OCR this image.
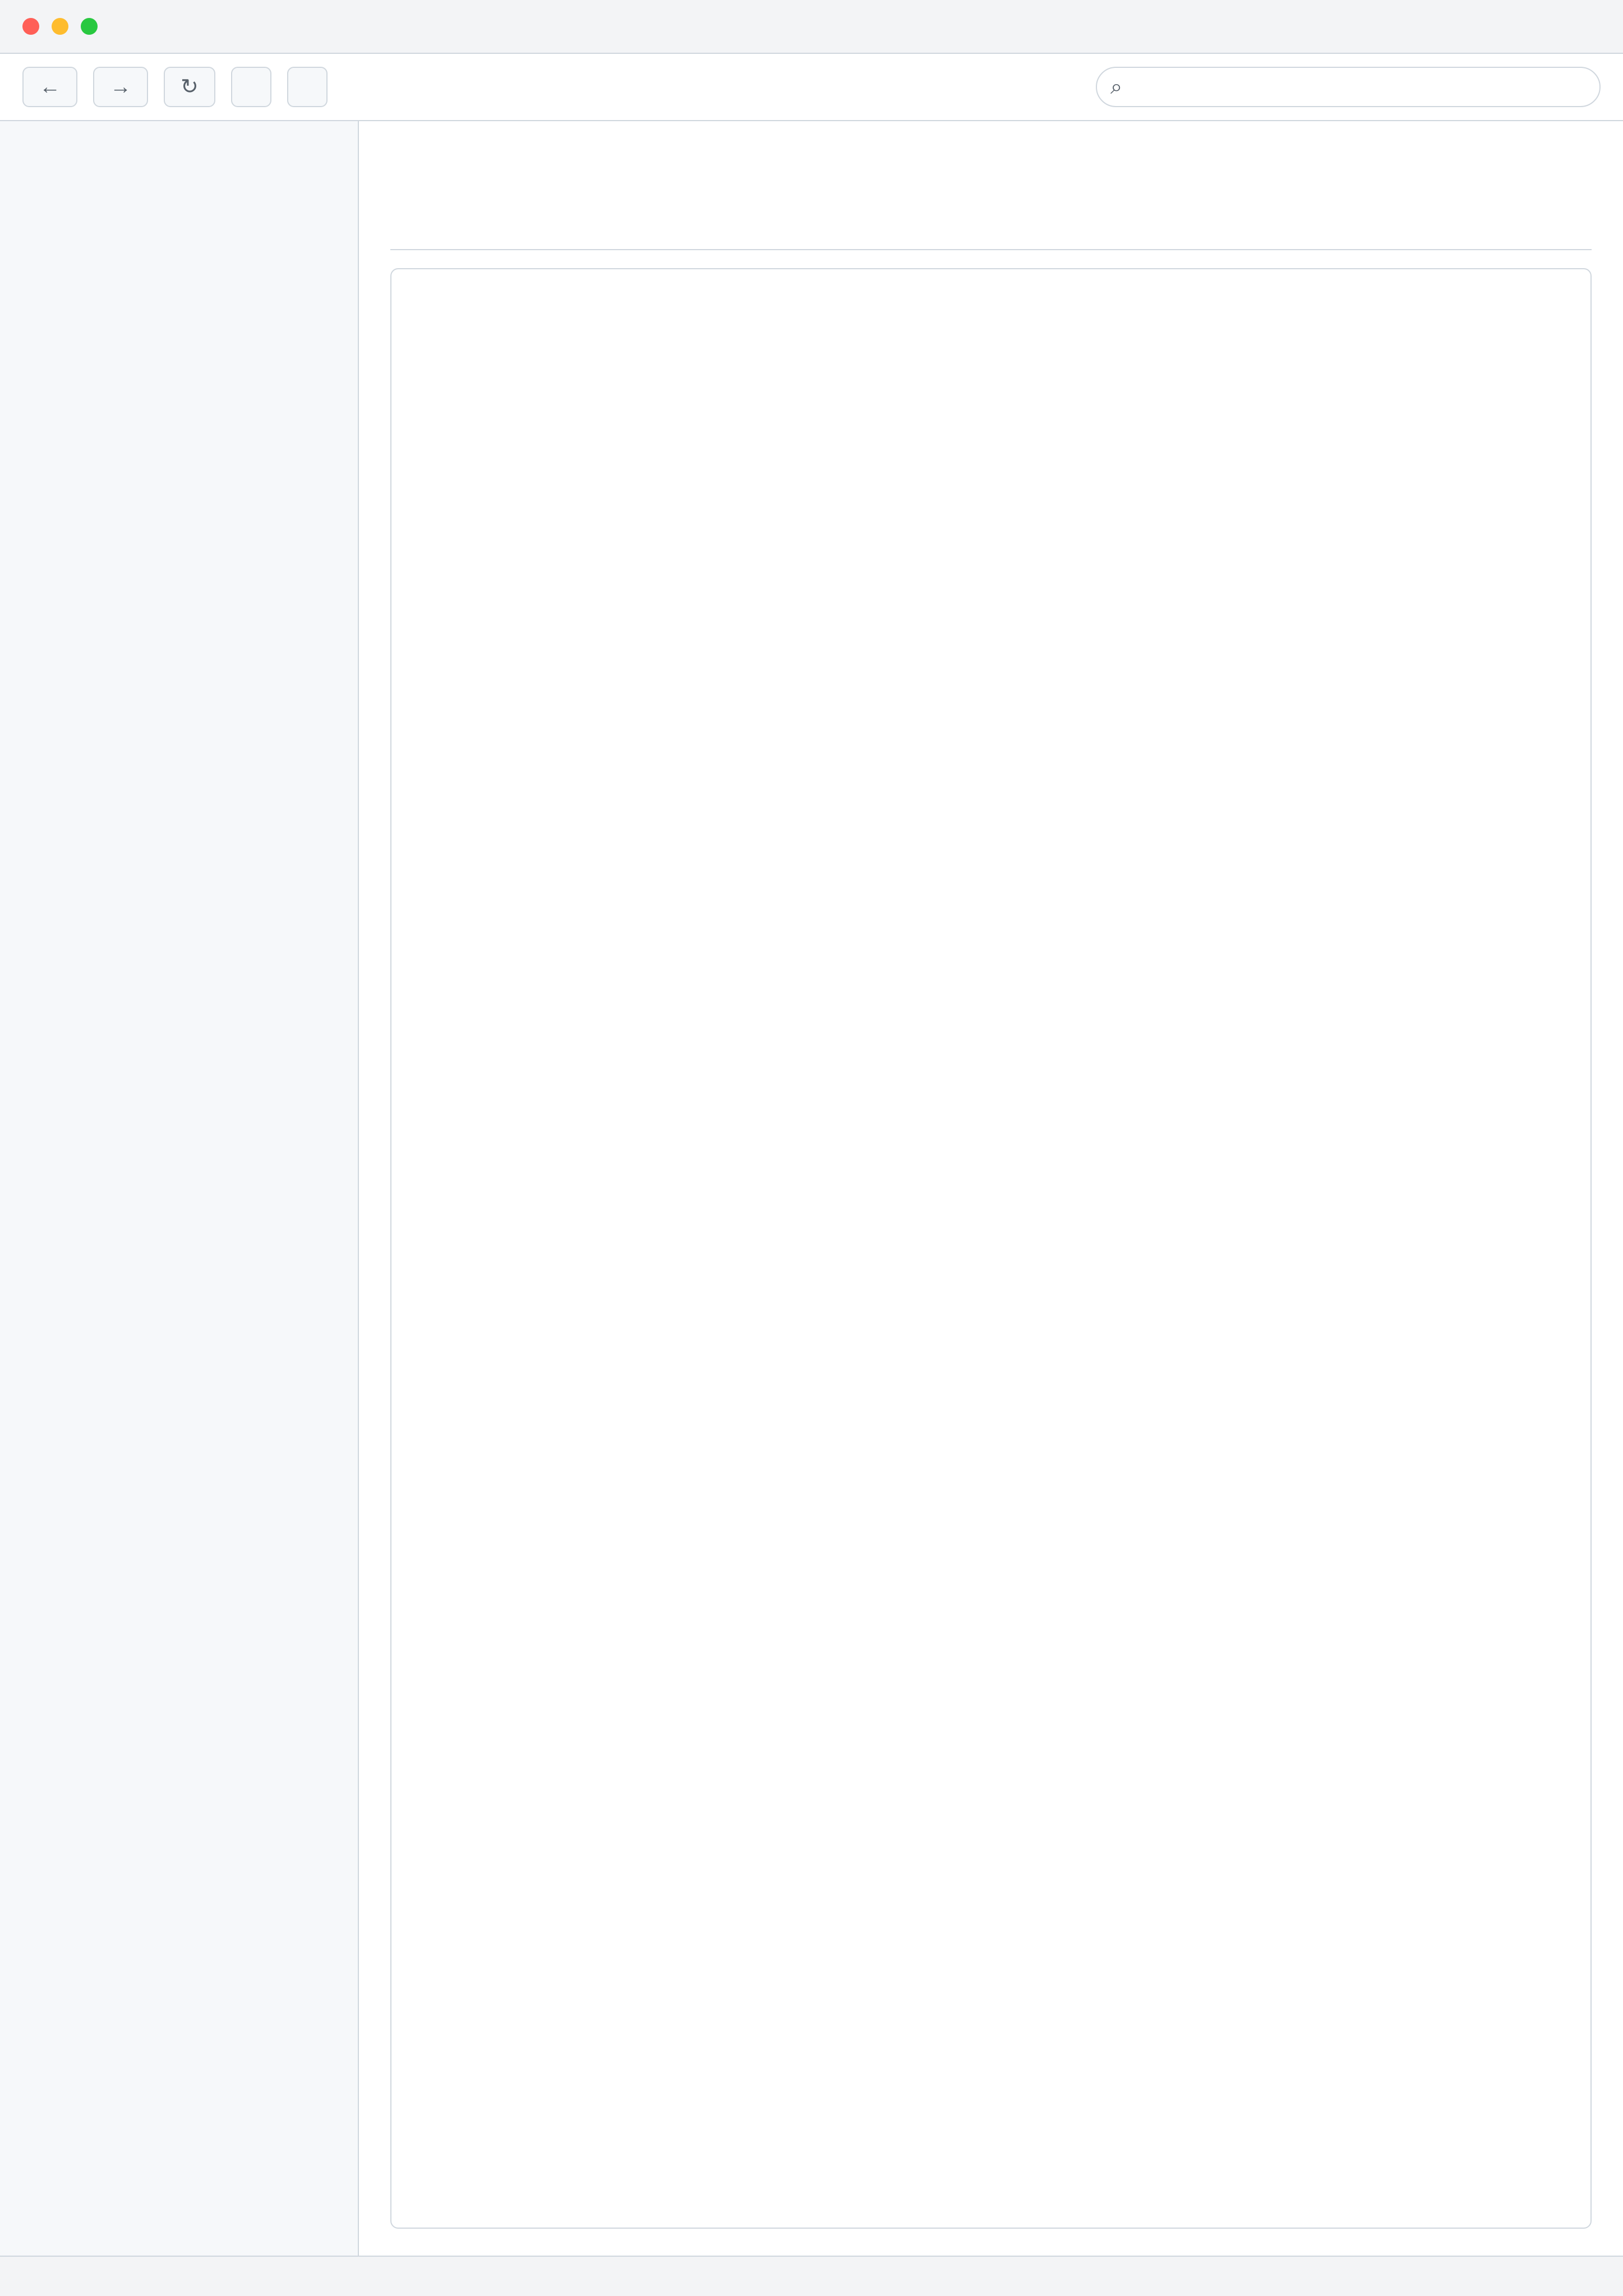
← → ↻	⌕
